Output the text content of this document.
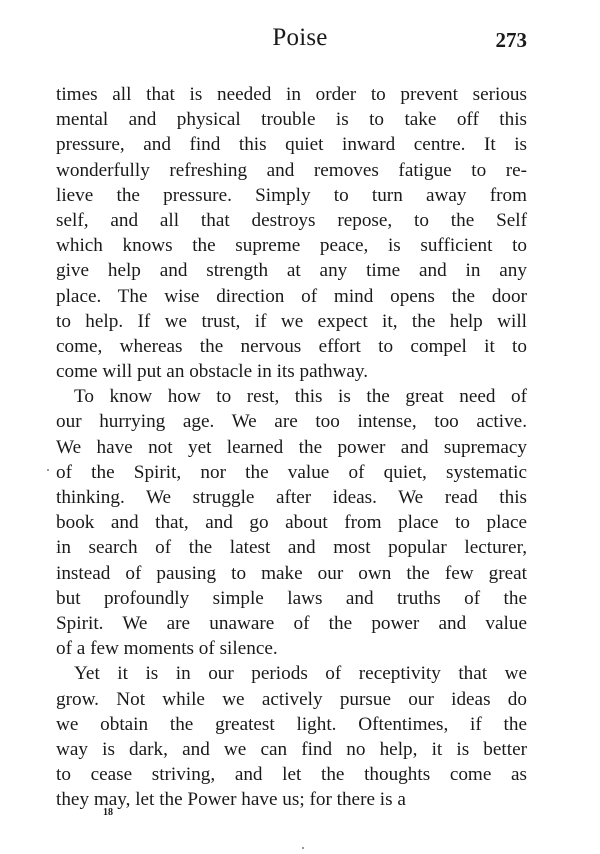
Poise	273
times all that is needed in order to prevent serious
mental and physical trouble is to take off this
pressure, and find this quiet inward centre. It is
wonderfully refreshing and removes fatigue to re-
lieve the pressure. Simply to turn away from
self, and all that destroys repose, to the Self
which knows the supreme peace, is sufficient to
give help and strength at any time and in any
place. The wise direction of mind opens the door
to help. If we trust, if we expect it, the help will
come, whereas the nervous effort to compel it to
come will put an obstacle in its pathway.
To know how to rest, this is the great need of
our hurrying age. We are too intense, too active.
We have not yet learned the power and supremacy
of the Spirit, nor the value of quiet, systematic
thinking. We struggle after ideas. We read this
book and that, and go about from place to place
in search of the latest and most popular lecturer,
instead of pausing to make our own the few great
but profoundly simple laws and truths of the
Spirit. We are unaware of the power and value
of a few moments of silence.
Yet it is in our periods of receptivity that we
grow. Not while we actively pursue our ideas do
we obtain the greatest light. Oftentimes, if the
way is dark, and we can find no help, it is better
to cease striving, and let the thoughts come as
they may, let the Power have us; for there is a
18
